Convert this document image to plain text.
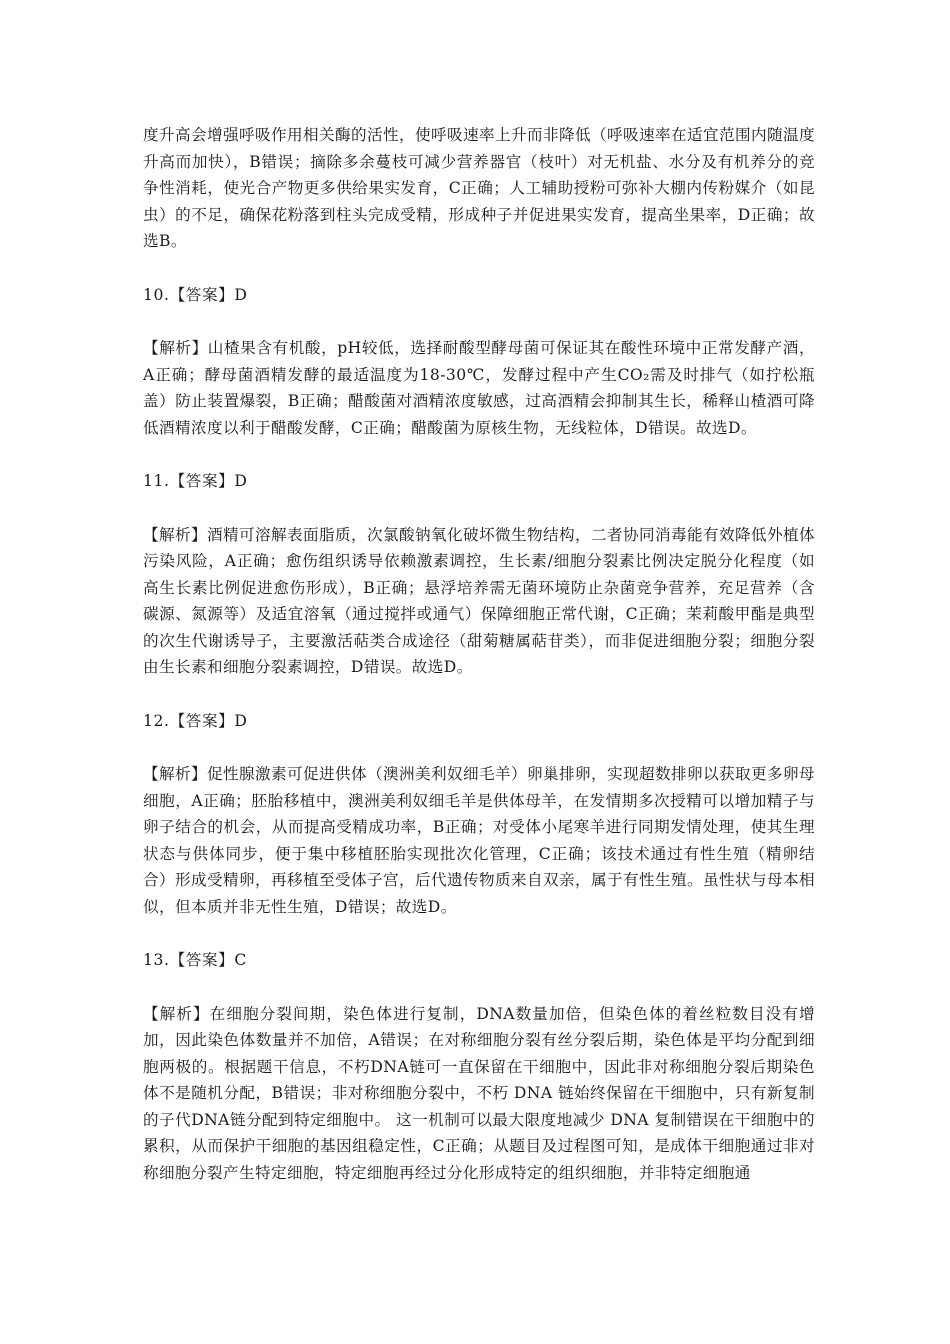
度升高会增强呼吸作用相关酶的活性，使呼吸速率上升而非降低（呼吸速率在适宜范围内随温度升高而加快），B错误；摘除多余蔓枝可减少营养器官（枝叶）对无机盐、水分及有机养分的竞争性消耗，使光合产物更多供给果实发育，C正确；人工辅助授粉可弥补大棚内传粉媒介（如昆虫）的不足，确保花粉落到柱头完成受精，形成种子并促进果实发育，提高坐果率，D正确；故选B。

10.【答案】D

【解析】山楂果含有机酸，pH较低，选择耐酸型酵母菌可保证其在酸性环境中正常发酵产酒，A正确；酵母菌酒精发酵的最适温度为18-30℃，发酵过程中产生CO₂需及时排气（如拧松瓶盖）防止装置爆裂，B正确；醋酸菌对酒精浓度敏感，过高酒精会抑制其生长，稀释山楂酒可降低酒精浓度以利于醋酸发酵，C正确；醋酸菌为原核生物，无线粒体，D错误。故选D。

11.【答案】D

【解析】酒精可溶解表面脂质，次氯酸钠氧化破坏微生物结构，二者协同消毒能有效降低外植体污染风险，A正确；愈伤组织诱导依赖激素调控，生长素/细胞分裂素比例决定脱分化程度（如高生长素比例促进愈伤形成），B正确；悬浮培养需无菌环境防止杂菌竞争营养，充足营养（含碳源、氮源等）及适宜溶氧（通过搅拌或通气）保障细胞正常代谢，C正确；茉莉酸甲酯是典型的次生代谢诱导子，主要激活萜类合成途径（甜菊糖属萜苷类），而非促进细胞分裂；细胞分裂由生长素和细胞分裂素调控，D错误。故选D。

12.【答案】D

【解析】促性腺激素可促进供体（澳洲美利奴细毛羊）卵巢排卵，实现超数排卵以获取更多卵母细胞，A正确；胚胎移植中，澳洲美利奴细毛羊是供体母羊，在发情期多次授精可以增加精子与卵子结合的机会，从而提高受精成功率，B正确；对受体小尾寒羊进行同期发情处理，使其生理状态与供体同步，便于集中移植胚胎实现批次化管理，C正确；该技术通过有性生殖（精卵结合）形成受精卵，再移植至受体子宫，后代遗传物质来自双亲，属于有性生殖。虽性状与母本相似，但本质并非无性生殖，D错误；故选D。

13.【答案】C

【解析】在细胞分裂间期，染色体进行复制，DNA数量加倍，但染色体的着丝粒数目没有增加，因此染色体数量并不加倍，A错误；在对称细胞分裂有丝分裂后期，染色体是平均分配到细胞两极的。根据题干信息，不朽DNA链可一直保留在干细胞中，因此非对称细胞分裂后期染色体不是随机分配，B错误；非对称细胞分裂中，不朽 DNA 链始终保留在干细胞中，只有新复制的子代DNA链分配到特定细胞中。 这一机制可以最大限度地减少 DNA 复制错误在干细胞中的累积，从而保护干细胞的基因组稳定性，C正确；从题目及过程图可知，是成体干细胞通过非对称细胞分裂产生特定细胞，特定细胞再经过分化形成特定的组织细胞，并非特定细胞通
